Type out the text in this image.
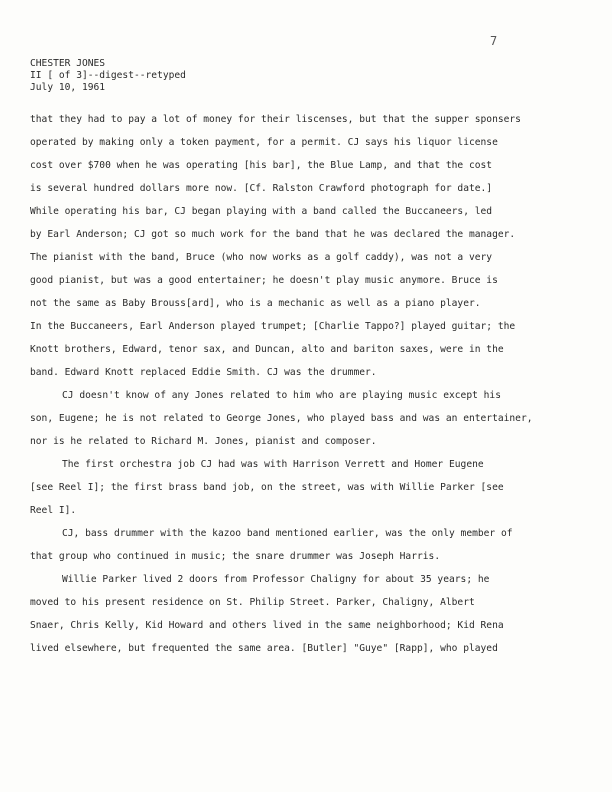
7
CHESTER JONES
II [ of 3]--digest--retyped
July 10, 1961
that they had to pay a lot of money for their liscenses, but that the supper sponsers
operated by making only a token payment, for a permit. CJ says his liquor license
cost over $700 when he was operating [his bar], the Blue Lamp, and that the cost
is several hundred dollars more now. [Cf. Ralston Crawford photograph for date.]
While operating his bar, CJ began playing with a band called the Buccaneers, led
by Earl Anderson; CJ got so much work for the band that he was declared the manager.
The pianist with the band, Bruce (who now works as a golf caddy), was not a very
good pianist, but was a good entertainer; he doesn't play music anymore. Bruce is
not the same as Baby Brouss[ard], who is a mechanic as well as a piano player.
In the Buccaneers, Earl Anderson played trumpet; [Charlie Tappo?] played guitar; the
Knott brothers, Edward, tenor sax, and Duncan, alto and bariton saxes, were in the
band. Edward Knott replaced Eddie Smith. CJ was the drummer.
CJ doesn't know of any Jones related to him who are playing music except his
son, Eugene; he is not related to George Jones, who played bass and was an entertainer,
nor is he related to Richard M. Jones, pianist and composer.
The first orchestra job CJ had was with Harrison Verrett and Homer Eugene
[see Reel I]; the first brass band job, on the street, was with Willie Parker [see
Reel I].
CJ, bass drummer with the kazoo band mentioned earlier, was the only member of
that group who continued in music; the snare drummer was Joseph Harris.
Willie Parker lived 2 doors from Professor Chaligny for about 35 years; he
moved to his present residence on St. Philip Street. Parker, Chaligny, Albert
Snaer, Chris Kelly, Kid Howard and others lived in the same neighborhood; Kid Rena
lived elsewhere, but frequented the same area. [Butler] "Guye" [Rapp], who played
